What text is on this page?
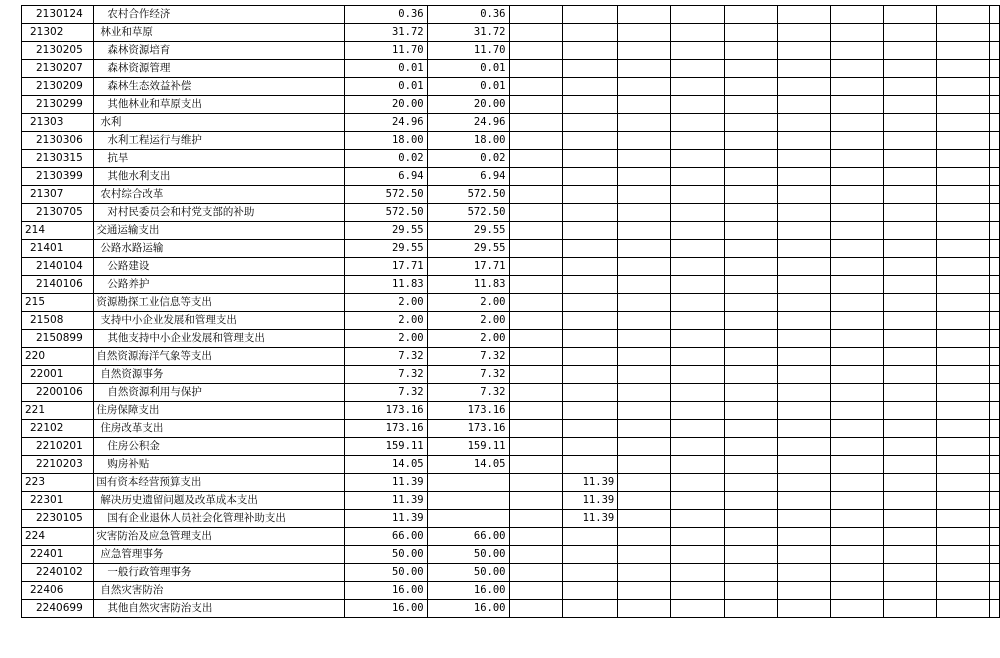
2130124	农村合作经济	0.36	0.36										
21302	林业和草原	31.72	31.72										
2130205	森林资源培育	11.70	11.70										
2130207	森林资源管理	0.01	0.01										
2130209	森林生态效益补偿	0.01	0.01										
2130299	其他林业和草原支出	20.00	20.00										
21303	水利	24.96	24.96										
2130306	水利工程运行与维护	18.00	18.00										
2130315	抗旱	0.02	0.02										
2130399	其他水利支出	6.94	6.94										
21307	农村综合改革	572.50	572.50										
2130705	对村民委员会和村党支部的补助	572.50	572.50										
214	交通运输支出	29.55	29.55										
21401	公路水路运输	29.55	29.55										
2140104	公路建设	17.71	17.71										
2140106	公路养护	11.83	11.83										
215	资源勘探工业信息等支出	2.00	2.00										
21508	支持中小企业发展和管理支出	2.00	2.00										
2150899	其他支持中小企业发展和管理支出	2.00	2.00										
220	自然资源海洋气象等支出	7.32	7.32										
22001	自然资源事务	7.32	7.32										
2200106	自然资源利用与保护	7.32	7.32										
221	住房保障支出	173.16	173.16										
22102	住房改革支出	173.16	173.16										
2210201	住房公积金	159.11	159.11										
2210203	购房补贴	14.05	14.05										
223	国有资本经营预算支出	11.39			11.39								
22301	解决历史遗留问题及改革成本支出	11.39			11.39								
2230105	国有企业退休人员社会化管理补助支出	11.39			11.39								
224	灾害防治及应急管理支出	66.00	66.00										
22401	应急管理事务	50.00	50.00										
2240102	一般行政管理事务	50.00	50.00										
22406	自然灾害防治	16.00	16.00										
2240699	其他自然灾害防治支出	16.00	16.00										
